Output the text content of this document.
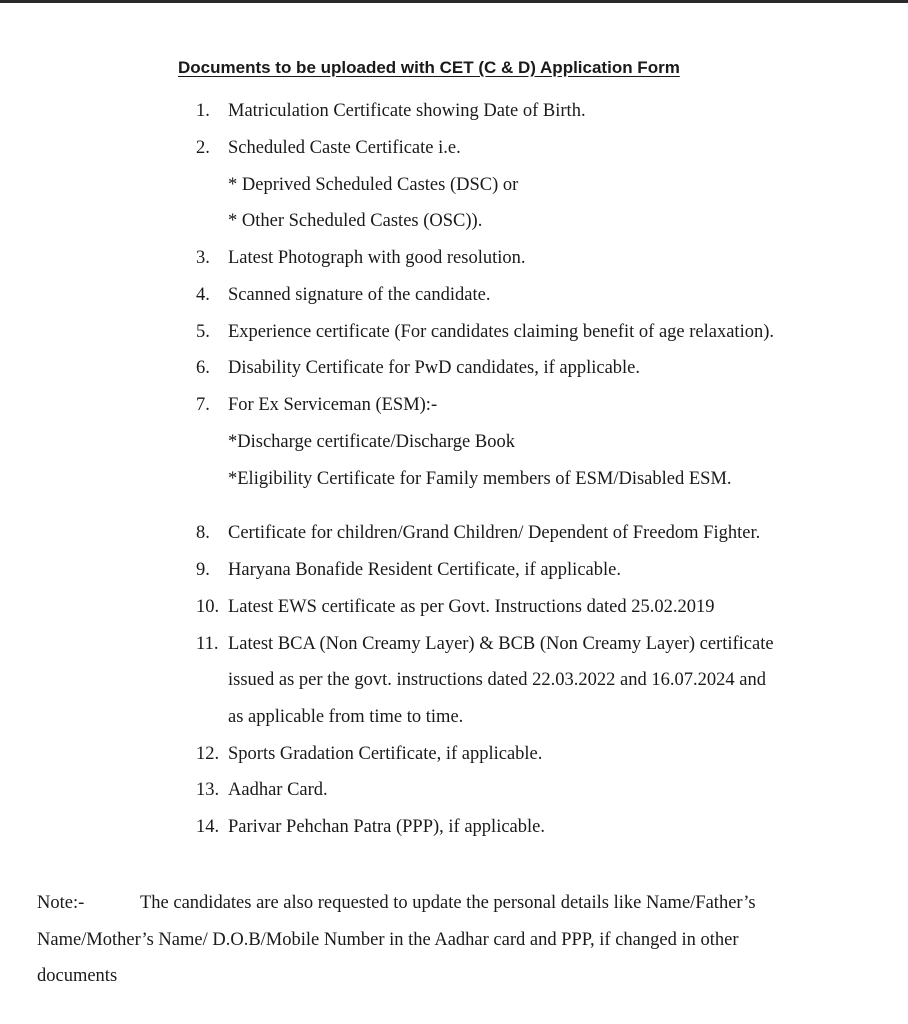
Documents to be uploaded with CET (C & D) Application Form
1. Matriculation Certificate showing Date of Birth.
2. Scheduled Caste Certificate i.e.
* Deprived Scheduled Castes (DSC) or
* Other Scheduled Castes (OSC)).
3. Latest Photograph with good resolution.
4. Scanned signature of the candidate.
5. Experience certificate (For candidates claiming benefit of age relaxation).
6. Disability Certificate for PwD candidates, if applicable.
7. For Ex Serviceman (ESM):-
*Discharge certificate/Discharge Book
*Eligibility Certificate for Family members of ESM/Disabled ESM.
8. Certificate for children/Grand Children/ Dependent of Freedom Fighter.
9. Haryana Bonafide Resident Certificate, if applicable.
10. Latest EWS certificate as per Govt. Instructions dated 25.02.2019
11. Latest BCA (Non Creamy Layer) & BCB (Non Creamy Layer) certificate
issued as per the govt. instructions dated 22.03.2022 and 16.07.2024 and
as applicable from time to time.
12. Sports Gradation Certificate, if applicable.
13. Aadhar Card.
14. Parivar Pehchan Patra (PPP), if applicable.
Note:-	The candidates are also requested to update the personal details like Name/Father’s
Name/Mother’s Name/ D.O.B/Mobile Number in the Aadhar card and PPP, if changed in other
documents
